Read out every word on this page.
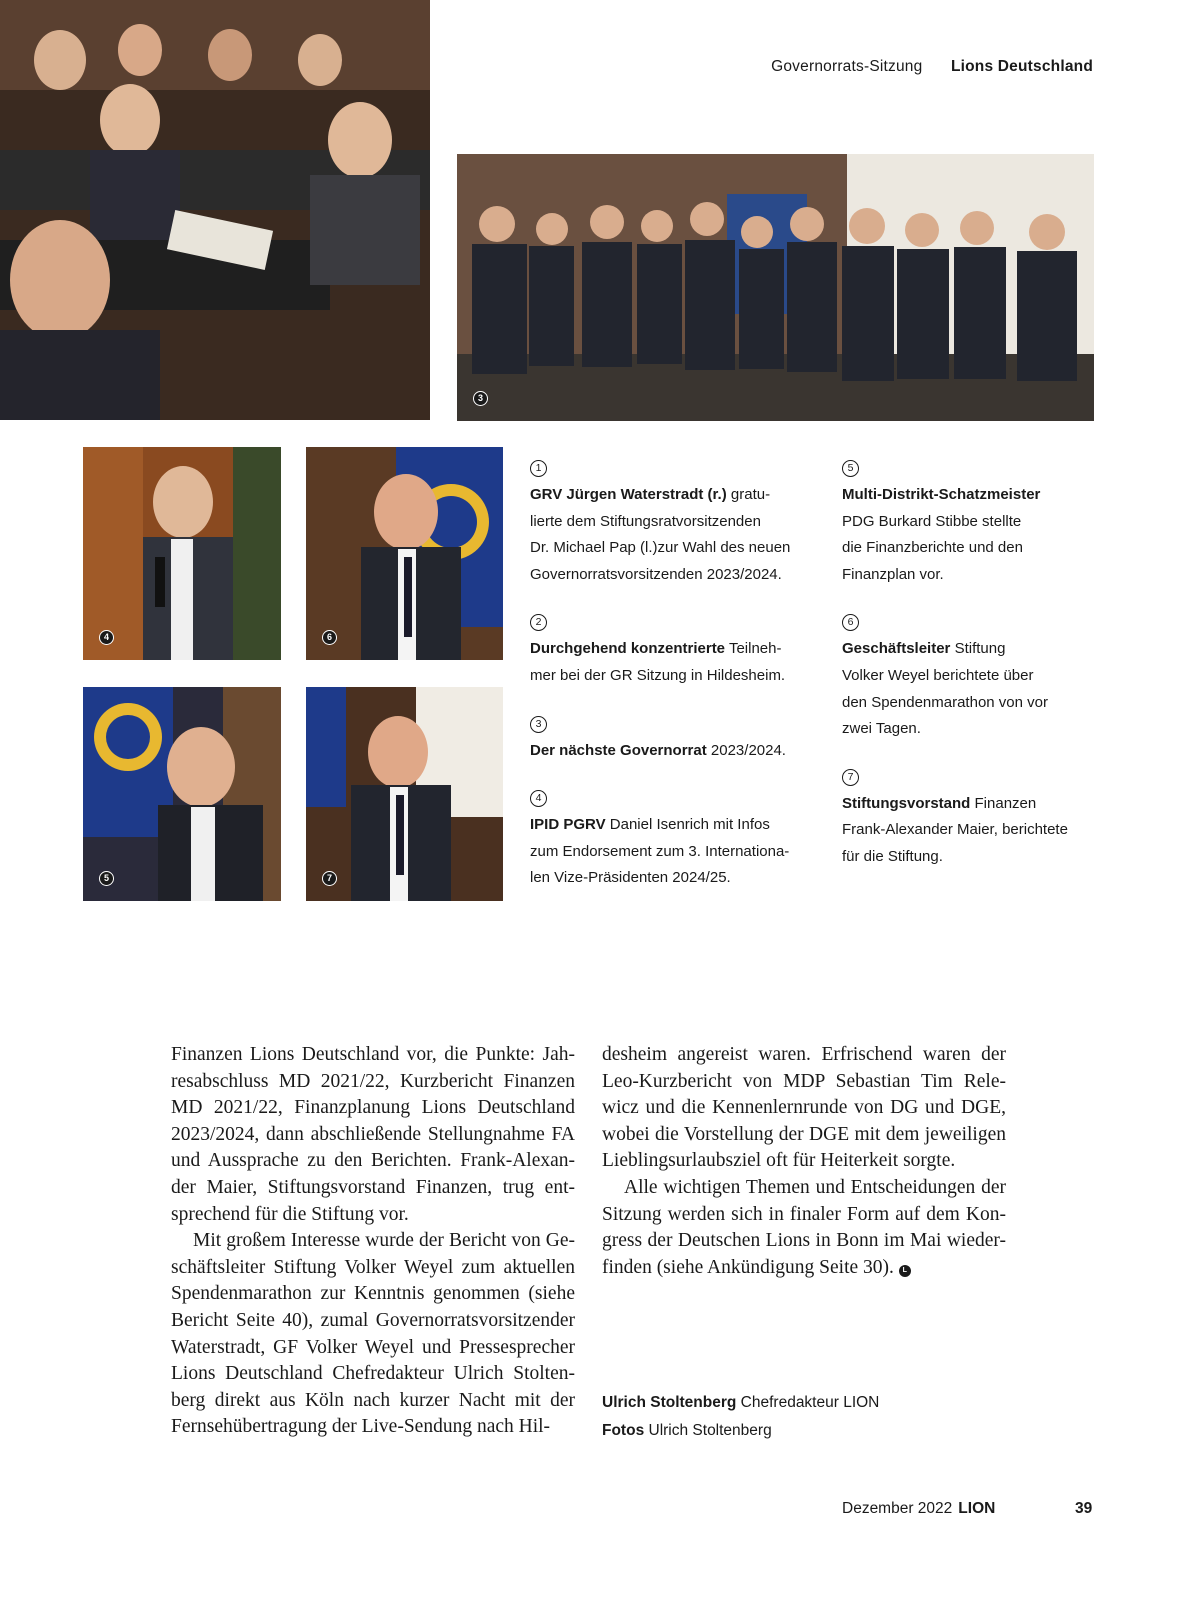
Governorrats-Sitzung Lions Deutschland
3
4	6
5	7
1
GRV Jürgen Waterstradt (r.) gratu-
lierte dem Stiftungsratvorsitzenden
Dr. Michael Pap (l.)zur Wahl des neuen
Governorratsvorsitzenden 2023/2024.
2
Durchgehend konzentrierte Teilneh-
mer bei der GR Sitzung in Hildesheim.
3
Der nächste Governorrat 2023/2024.
4
IPID PGRV Daniel Isenrich mit Infos
zum Endorsement zum 3. Internationa-
len Vize-Präsidenten 2024/25.
5
Multi-Distrikt-Schatzmeister
PDG Burkard Stibbe stellte
die Finanzberichte und den
Finanzplan vor.
6
Geschäftsleiter Stiftung
Volker Weyel berichtete über
den Spendenmarathon von vor
zwei Tagen.
7
Stiftungsvorstand Finanzen
Frank-Alexander Maier, berichtete
für die Stiftung.

Finanzen Lions Deutschland vor, die Punkte: Jah-resabschluss MD 2021/22, Kurzbericht Finanzen MD 2021/22, Finanzplanung Lions Deutschland 2023/2024, dann abschließende Stellungnahme FA und Aussprache zu den Berichten. Frank-Alexan-der Maier, Stiftungsvorstand Finanzen, trug ent-sprechend für die Stiftung vor.

Mit großem Interesse wurde der Bericht von Ge-schäftsleiter Stiftung Volker Weyel zum aktuellen Spendenmarathon zur Kenntnis genommen (siehe Bericht Seite 40), zumal Governorratsvorsitzender Waterstradt, GF Volker Weyel und Pressesprecher Lions Deutschland Chefredakteur Ulrich Stolten-berg direkt aus Köln nach kurzer Nacht mit der Fernsehübertragung der Live-Sendung nach Hil-

desheim angereist waren. Erfrischend waren der Leo-Kurzbericht von MDP Sebastian Tim Rele-wicz und die Kennenlernrunde von DG und DGE, wobei die Vorstellung der DGE mit dem jeweiligen Lieblingsurlaubsziel oft für Heiterkeit sorgte.

Alle wichtigen Themen und Entscheidungen der Sitzung werden sich in finaler Form auf dem Kon-gress der Deutschen Lions in Bonn im Mai wieder-finden (siehe Ankündigung Seite 30). L

Ulrich Stoltenberg Chefredakteur LION
Fotos Ulrich Stoltenberg
Dezember 2022 LION	39
